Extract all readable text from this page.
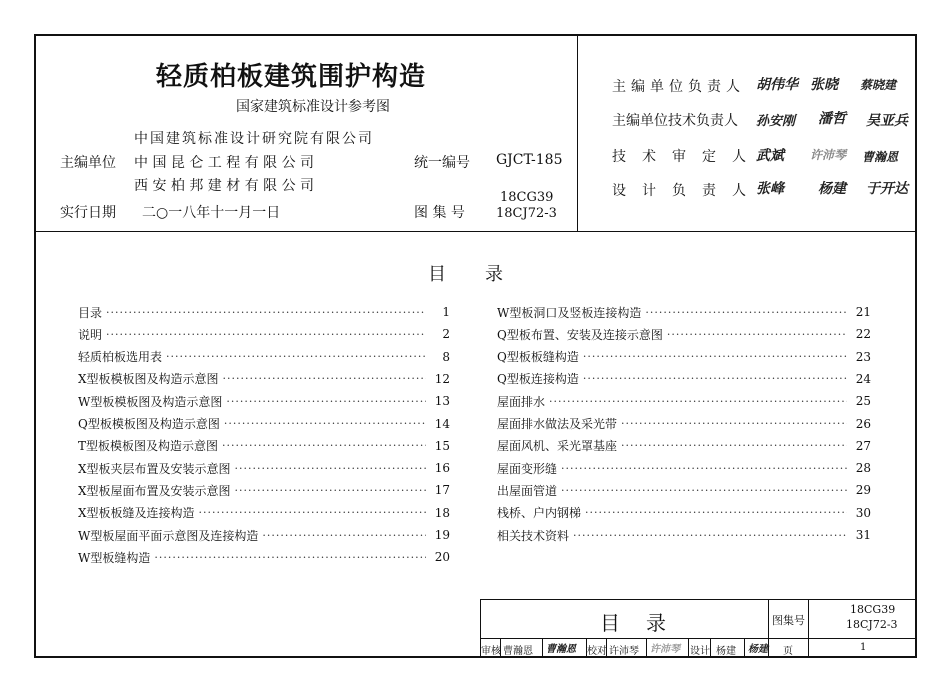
轻质柏板建筑围护构造
国家建筑标准设计参考图
主编单位
中国建筑标准设计研究院有限公司
中 国 昆 仑 工 程 有 限 公 司
西 安 柏 邦 建 材 有 限 公 司
统一编号 GJCT-185
实行日期 二○一八年十一月一日	图 集 号
18CG39
18CJ72-3
主编单位负责人 胡伟华 张晓 蔡晓建
主编单位技术负责人 孙安刚 潘哲 吴亚兵
技术审定人
武斌 许沛琴 曹瀚恩
设计负责人
张峰 杨建 于开达
目　　录
目录 ·····	1
说明 ·····	2
轻质柏板选用表 ·····	8
X型板模板图及构造示意图 ·····	12
W型板模板图及构造示意图 ·····	13
Q型板模板图及构造示意图 ·····	14
T型板模板图及构造示意图 ·····	15
X型板夹层布置及安装示意图 ·····	16
X型板屋面布置及安装示意图 ·····	17
X型板板缝及连接构造 ·····	18
W型板屋面平面示意图及连接构造 ·····	19
W型板缝构造 ·····	20
W型板洞口及竖板连接构造 ·····	21
Q型板布置、安装及连接示意图 ·····	22
Q型板板缝构造 ·····	23
Q型板连接构造 ·····	24
屋面排水 ·····	25
屋面排水做法及采光带 ·····	26
屋面风机、采光罩基座 ·····	27
屋面变形缝 ·····	28
出屋面管道 ·····	29
栈桥、户内钢梯 ·····	30
相关技术资料 ·····	31
目录	图集号
18CG39
18CJ72-3
审核 曹瀚恩 曹瀚恩 校对 许沛琴 许沛琴 设计 杨建 杨建 页	1
